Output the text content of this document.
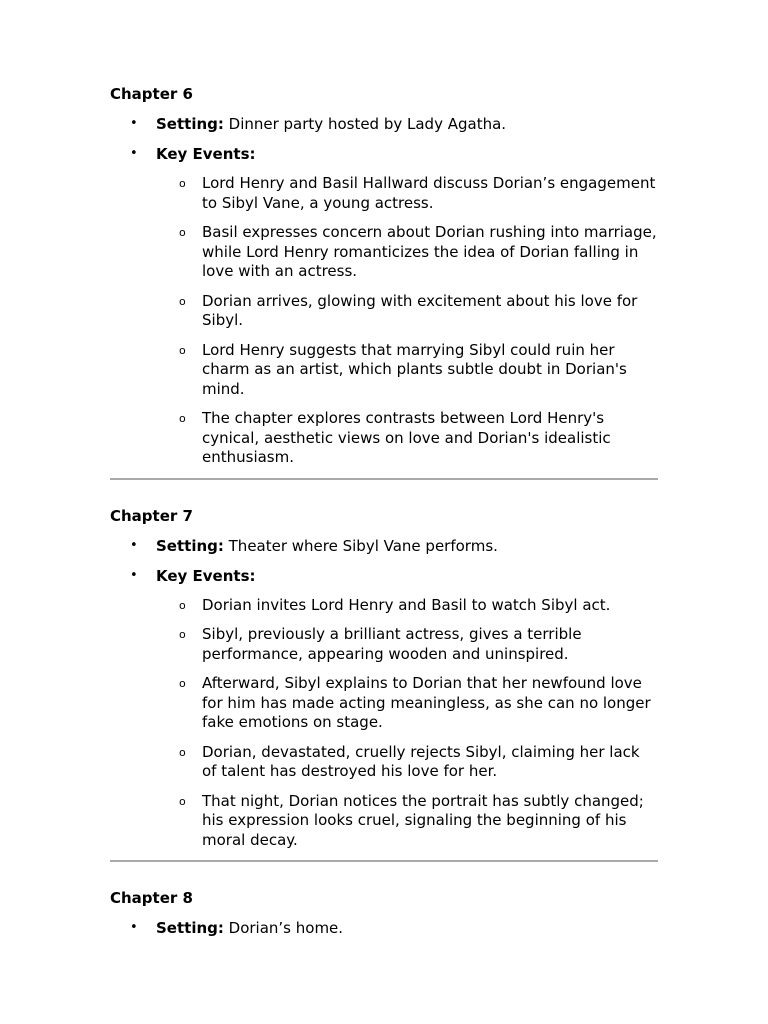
Chapter 6
• Setting: Dinner party hosted by Lady Agatha.
• Key Events:
o Lord Henry and Basil Hallward discuss Dorian’s engagement to Sibyl Vane, a young actress.
o Basil expresses concern about Dorian rushing into marriage, while Lord Henry romanticizes the idea of Dorian falling in love with an actress.
o Dorian arrives, glowing with excitement about his love for Sibyl.
o Lord Henry suggests that marrying Sibyl could ruin her charm as an artist, which plants subtle doubt in Dorian's mind.
o The chapter explores contrasts between Lord Henry's cynical, aesthetic views on love and Dorian's idealistic enthusiasm.
Chapter 7
• Setting: Theater where Sibyl Vane performs.
• Key Events:
o Dorian invites Lord Henry and Basil to watch Sibyl act.
o Sibyl, previously a brilliant actress, gives a terrible performance, appearing wooden and uninspired.
o Afterward, Sibyl explains to Dorian that her newfound love for him has made acting meaningless, as she can no longer fake emotions on stage.
o Dorian, devastated, cruelly rejects Sibyl, claiming her lack of talent has destroyed his love for her.
o That night, Dorian notices the portrait has subtly changed; his expression looks cruel, signaling the beginning of his moral decay.
Chapter 8
• Setting: Dorian’s home.
